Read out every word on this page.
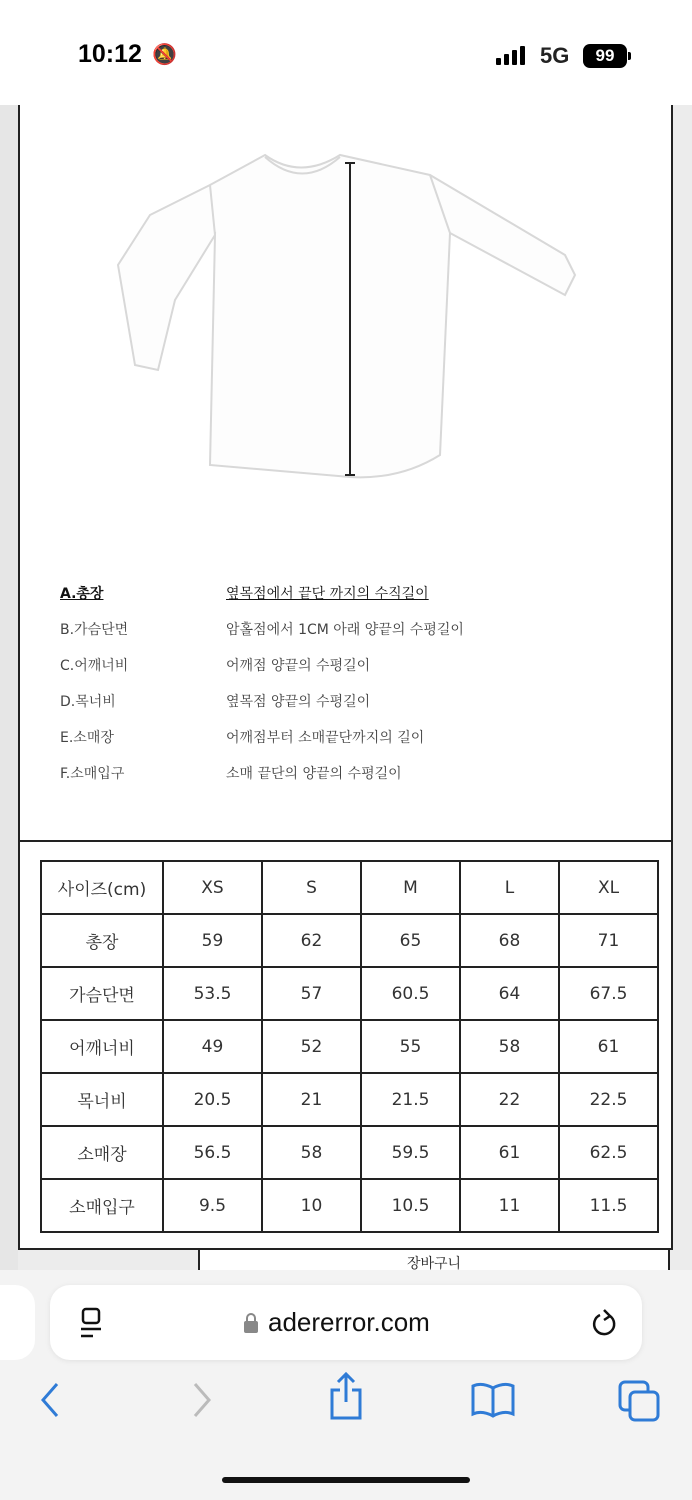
10:12 🔕	5G	99
A.총장	옆목점에서 끝단 까지의 수직길이
B.가슴단면	암홀점에서 1CM 아래 양끝의 수평길이
C.어깨너비	어깨점 양끝의 수평길이
D.목너비	옆목점 양끝의 수평길이
E.소매장	어깨점부터 소매끝단까지의 길이
F.소매입구	소매 끝단의 양끝의 수평길이
사이즈(cm)	XS	S	M	L	XL
총장	59	62	65	68	71
가슴단면	53.5	57	60.5	64	67.5
어깨너비	49	52	55	58	61
목너비	20.5	21	21.5	22	22.5
소매장	56.5	58	59.5	61	62.5
소매입구	9.5	10	10.5	11	11.5
장바구니
adererror.com
